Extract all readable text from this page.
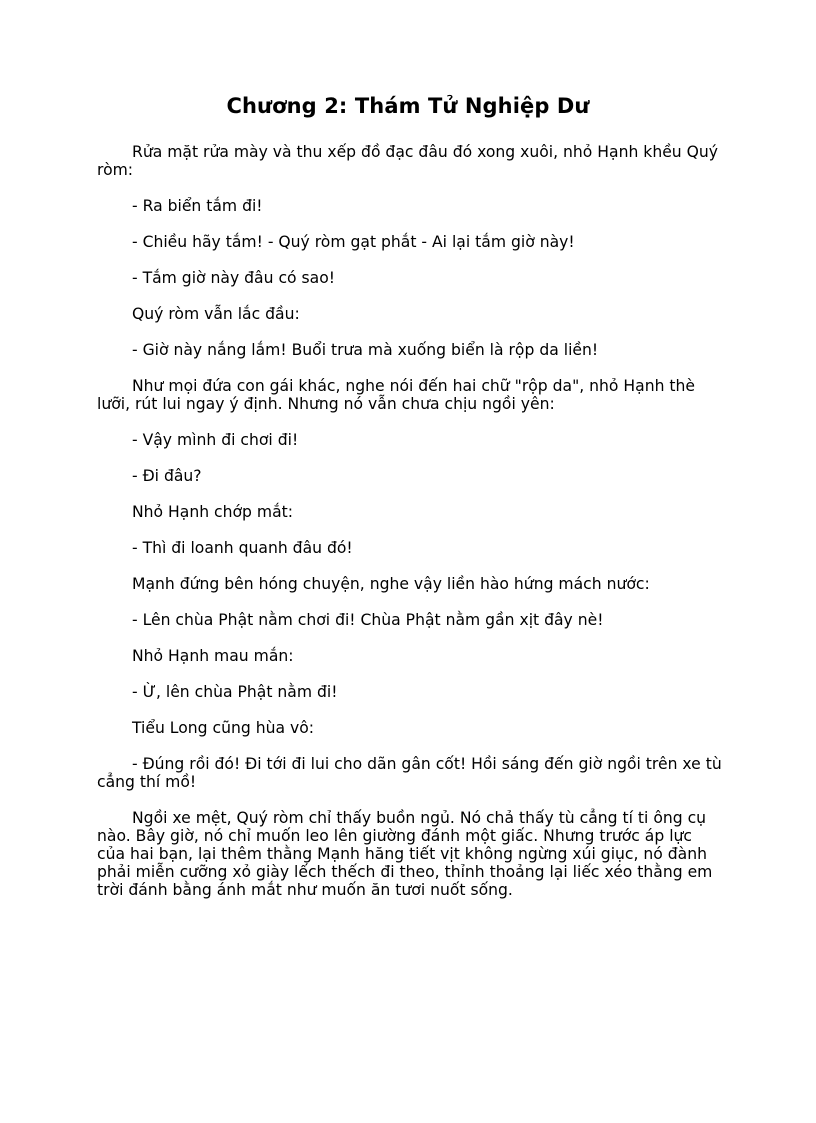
Chương 2: Thám Tử Nghiệp Dư

Rửa mặt rửa mày và thu xếp đồ đạc đâu đó xong xuôi, nhỏ Hạnh khều Quý ròm:

- Ra biển tắm đi!

- Chiều hãy tắm! - Quý ròm gạt phắt - Ai lại tắm giờ này!

- Tắm giờ này đâu có sao!

Quý ròm vẫn lắc đầu:

- Giờ này nắng lắm! Buổi trưa mà xuống biển là rộp da liền!

Như mọi đứa con gái khác, nghe nói đến hai chữ "rộp da", nhỏ Hạnh thè lưỡi, rút lui ngay ý định. Nhưng nó vẫn chưa chịu ngồi yên:

- Vậy mình đi chơi đi!

- Đi đâu?

Nhỏ Hạnh chớp mắt:

- Thì đi loanh quanh đâu đó!

Mạnh đứng bên hóng chuyện, nghe vậy liền hào hứng mách nước:

- Lên chùa Phật nằm chơi đi! Chùa Phật nằm gần xịt đây nè!

Nhỏ Hạnh mau mắn:

- Ừ, lên chùa Phật nằm đi!

Tiểu Long cũng hùa vô:

- Đúng rồi đó! Đi tới đi lui cho dãn gân cốt! Hồi sáng đến giờ ngồi trên xe tù cẳng thí mồ!

Ngồi xe mệt, Quý ròm chỉ thấy buồn ngủ. Nó chả thấy tù cẳng tí ti ông cụ nào. Bây giờ, nó chỉ muốn leo lên giường đánh một giấc. Nhưng trước áp lực của hai bạn, lại thêm thằng Mạnh hăng tiết vịt không ngừng xúi giục, nó đành phải miễn cưỡng xỏ giày lếch thếch đi theo, thỉnh thoảng lại liếc xéo thằng em trời đánh bằng ánh mắt như muốn ăn tươi nuốt sống.
